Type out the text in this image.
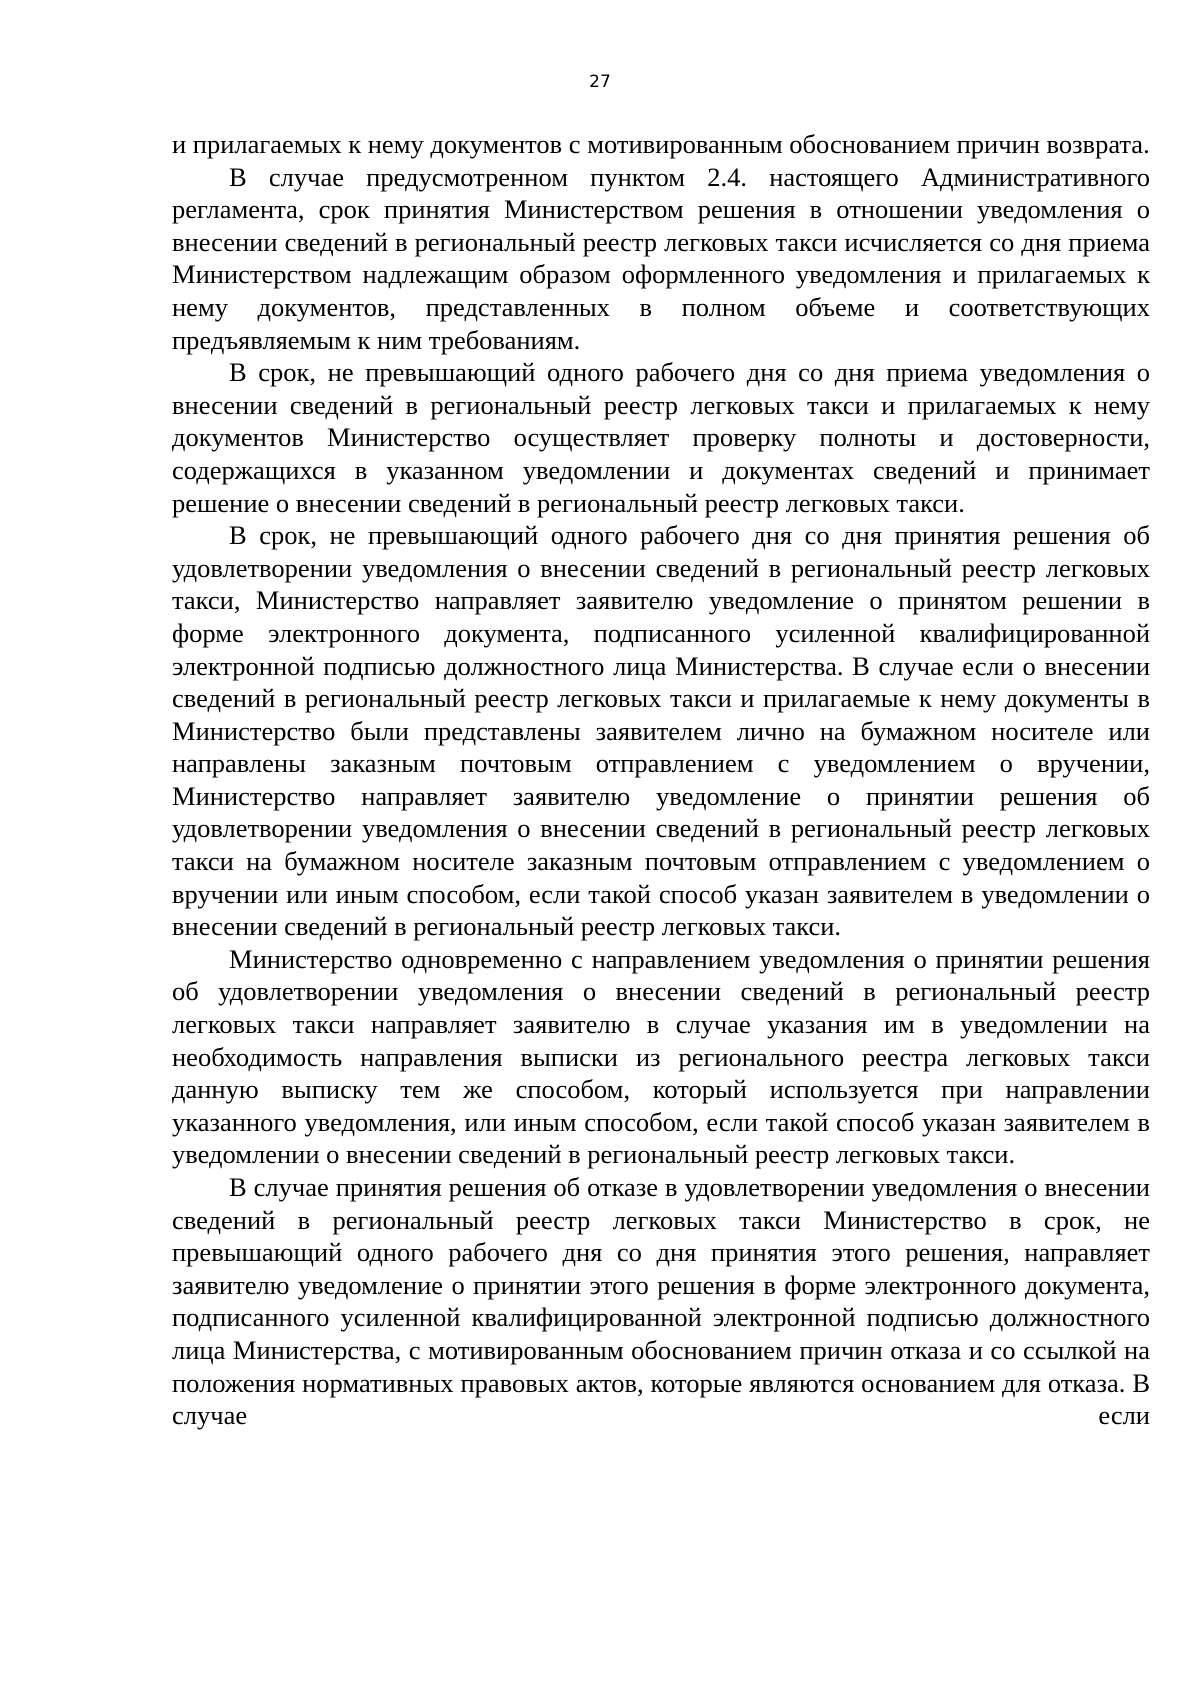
27

и прилагаемых к нему документов с мотивированным обоснованием причин возврата.

В случае предусмотренном пунктом 2.4. настоящего Административного регламента, срок принятия Министерством решения в отношении уведомления о внесении сведений в региональный реестр легковых такси исчисляется со дня приема Министерством надлежащим образом оформленного уведомления и прилагаемых к нему документов, представленных в полном объеме и соответствующих предъявляемым к ним требованиям.

В срок, не превышающий одного рабочего дня со дня приема уведомления о внесении сведений в региональный реестр легковых такси и прилагаемых к нему документов Министерство осуществляет проверку полноты и достоверности, содержащихся в указанном уведомлении и документах сведений и принимает решение о внесении сведений в региональный реестр легковых такси.

В срок, не превышающий одного рабочего дня со дня принятия решения об удовлетворении уведомления о внесении сведений в региональный реестр легковых такси, Министерство направляет заявителю уведомление о принятом решении в форме электронного документа, подписанного усиленной квалифицированной электронной подписью должностного лица Министерства. В случае если о внесении сведений в региональный реестр легковых такси и прилагаемые к нему документы в Министерство были представлены заявителем лично на бумажном носителе или направлены заказным почтовым отправлением с уведомлением о вручении, Министерство направляет заявителю уведомление о принятии решения об удовлетворении уведомления о внесении сведений в региональный реестр легковых такси на бумажном носителе заказным почтовым отправлением с уведомлением о вручении или иным способом, если такой способ указан заявителем в уведомлении о внесении сведений в региональный реестр легковых такси.

Министерство одновременно с направлением уведомления о принятии решения об удовлетворении уведомления о внесении сведений в региональный реестр легковых такси направляет заявителю в случае указания им в уведомлении на необходимость направления выписки из регионального реестра легковых такси данную выписку тем же способом, который используется при направлении указанного уведомления, или иным способом, если такой способ указан заявителем в уведомлении о внесении сведений в региональный реестр легковых такси.

В случае принятия решения об отказе в удовлетворении уведомления о внесении сведений в региональный реестр легковых такси Министерство в срок, не превышающий одного рабочего дня со дня принятия этого решения, направляет заявителю уведомление о принятии этого решения в форме электронного документа, подписанного усиленной квалифицированной электронной подписью должностного лица Министерства, с мотивированным обоснованием причин отказа и со ссылкой на положения нормативных правовых актов, которые являются основанием для отказа. В случае если
